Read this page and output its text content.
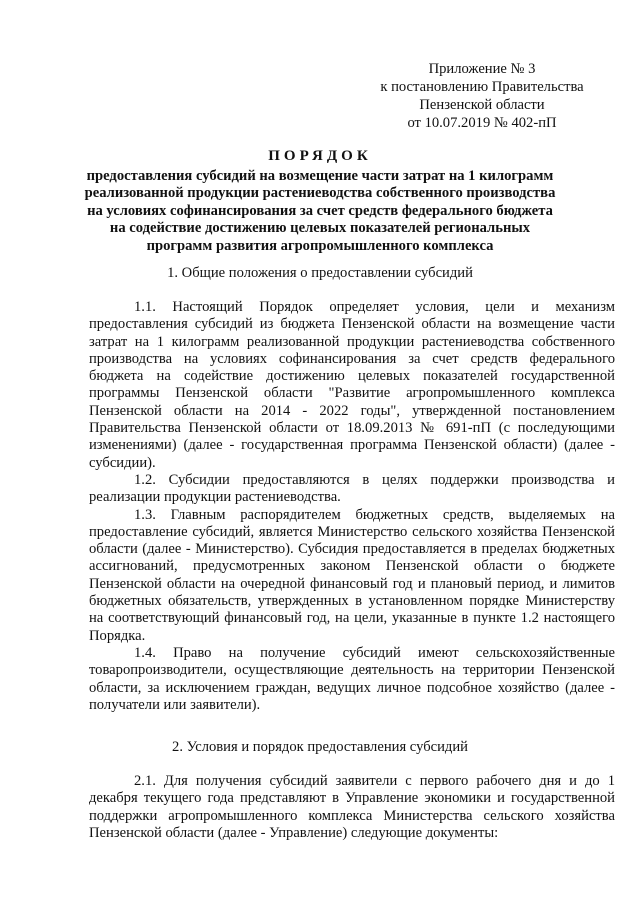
Приложение № 3
к постановлению Правительства
Пензенской области
от 10.07.2019 № 402-пП
ПОРЯДОК
предоставления субсидий на возмещение части затрат на 1 килограмм реализованной продукции растениеводства собственного производства на условиях софинансирования за счет средств федерального бюджета на содействие достижению целевых показателей региональных программ развития агропромышленного комплекса
1. Общие положения о предоставлении субсидий

1.1. Настоящий Порядок определяет условия, цели и механизм предоставления субсидий из бюджета Пензенской области на возмещение части затрат на 1 килограмм реализованной продукции растениеводства собственного производства на условиях софинансирования за счет средств федерального бюджета на содействие достижению целевых показателей государственной программы Пензенской области "Развитие агропромышленного комплекса Пензенской области на 2014 - 2022 годы", утвержденной постановлением Правительства Пензенской области от 18.09.2013 № 691-пП (с последующими изменениями) (далее - государственная программа Пензенской области) (далее - субсидии).

1.2. Субсидии предоставляются в целях поддержки производства и реализации продукции растениеводства.

1.3. Главным распорядителем бюджетных средств, выделяемых на предоставление субсидий, является Министерство сельского хозяйства Пензенской области (далее - Министерство). Субсидия предоставляется в пределах бюджетных ассигнований, предусмотренных законом Пензенской области о бюджете Пензенской области на очередной финансовый год и плановый период, и лимитов бюджетных обязательств, утвержденных в установленном порядке Министерству на соответствующий финансовый год, на цели, указанные в пункте 1.2 настоящего Порядка.

1.4. Право на получение субсидий имеют сельскохозяйственные товаропроизводители, осуществляющие деятельность на территории Пензенской области, за исключением граждан, ведущих личное подсобное хозяйство (далее - получатели или заявители).

2. Условия и порядок предоставления субсидий

2.1. Для получения субсидий заявители с первого рабочего дня и до 1 декабря текущего года представляют в Управление экономики и государственной поддержки агропромышленного комплекса Министерства сельского хозяйства Пензенской области (далее - Управление) следующие документы:
